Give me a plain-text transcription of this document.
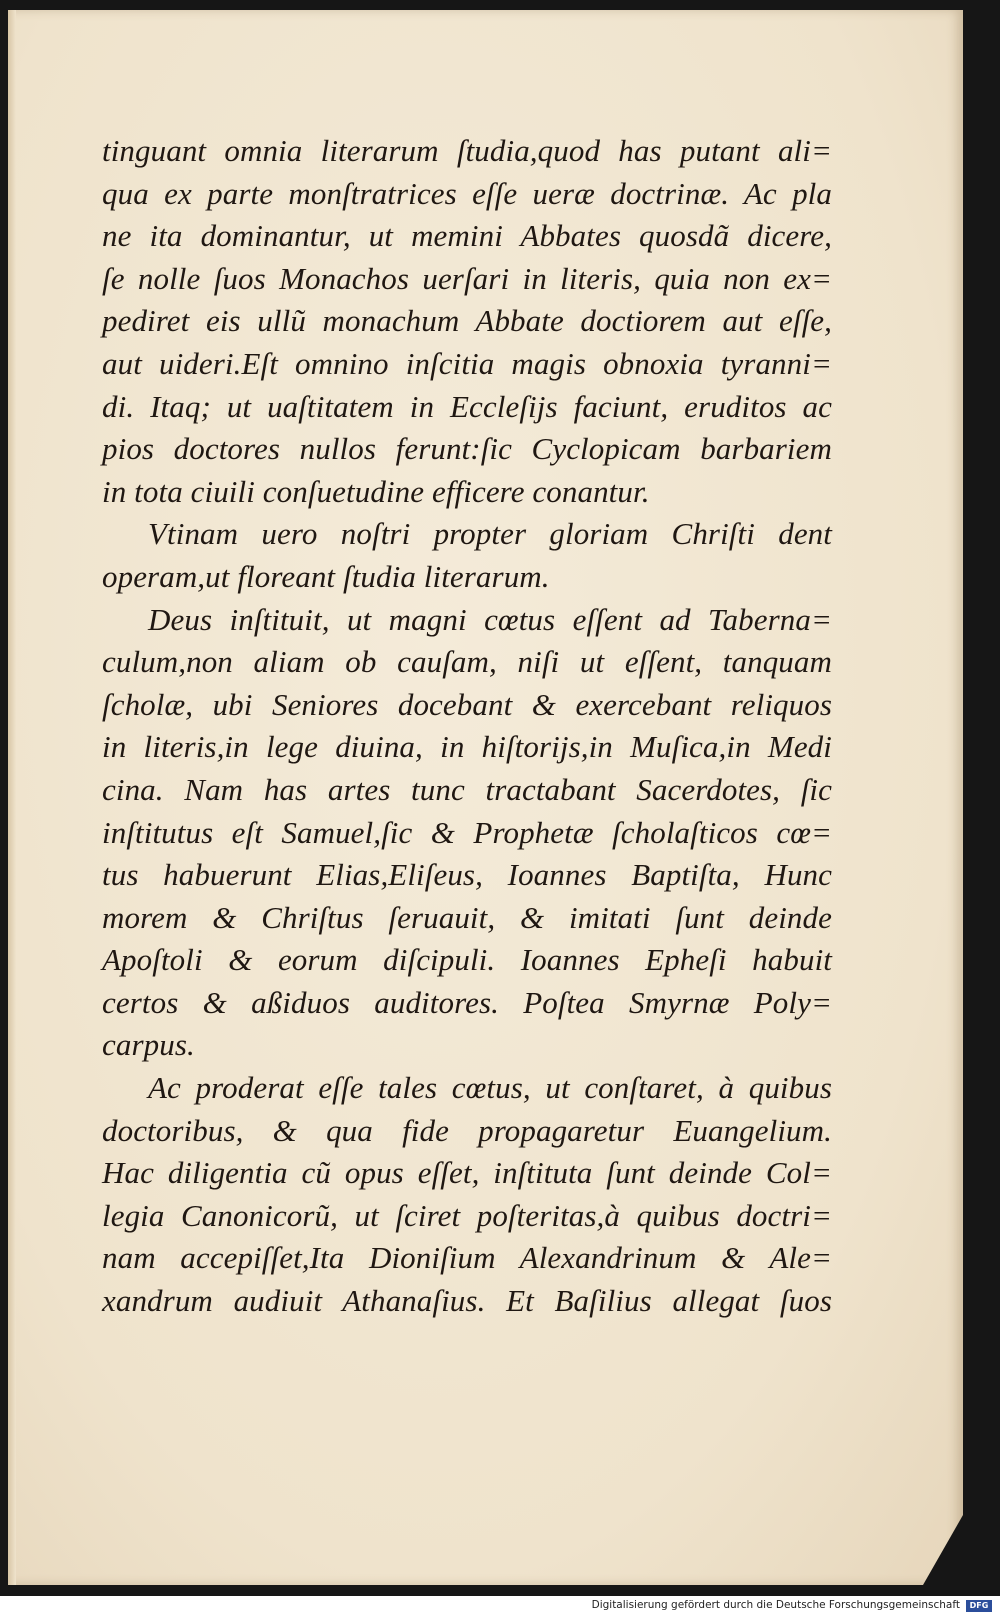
tinguant omnia literarum ſtudia,quod has putant ali=
qua ex parte monſtratrices eſſe ueræ doctrinæ. Ac pla
ne ita dominantur, ut memini Abbates quosdã dicere,
ſe nolle ſuos Monachos uerſari in literis, quia non ex=
pediret eis ullũ monachum Abbate doctiorem aut eſſe,
aut uideri.Eſt omnino inſcitia magis obnoxia tyranni=
di. Itaq; ut uaſtitatem in Eccleſijs faciunt, eruditos ac
pios doctores nullos ferunt:ſic Cyclopicam barbariem
in tota ciuili conſuetudine efficere conantur.
Vtinam uero noſtri propter gloriam Chriſti dent
operam,ut floreant ſtudia literarum.
Deus inſtituit, ut magni cœtus eſſent ad Taberna=
culum,non aliam ob cauſam, niſi ut eſſent, tanquam
ſcholæ, ubi Seniores docebant & exercebant reliquos
in literis,in lege diuina, in hiſtorijs,in Muſica,in Medi
cina. Nam has artes tunc tractabant Sacerdotes, ſic
inſtitutus eſt Samuel,ſic & Prophetæ ſcholaſticos cœ=
tus habuerunt Elias,Eliſeus, Ioannes Baptiſta, Hunc
morem & Chriſtus ſeruauit, & imitati ſunt deinde
Apoſtoli & eorum diſcipuli. Ioannes Epheſi habuit
certos & aßiduos auditores. Poſtea Smyrnæ Poly=
carpus.
Ac proderat eſſe tales cœtus, ut conſtaret, à quibus
doctoribus, & qua fide propagaretur Euangelium.
Hac diligentia cũ opus eſſet, inſtituta ſunt deinde Col=
legia Canonicorũ, ut ſciret poſteritas,à quibus doctri=
nam accepiſſet,Ita Dioniſium Alexandrinum & Ale=
xandrum audiuit Athanaſius. Et Baſilius allegat ſuos
Digitalisierung gefördert durch die Deutsche Forschungsgemeinschaft	DFG
